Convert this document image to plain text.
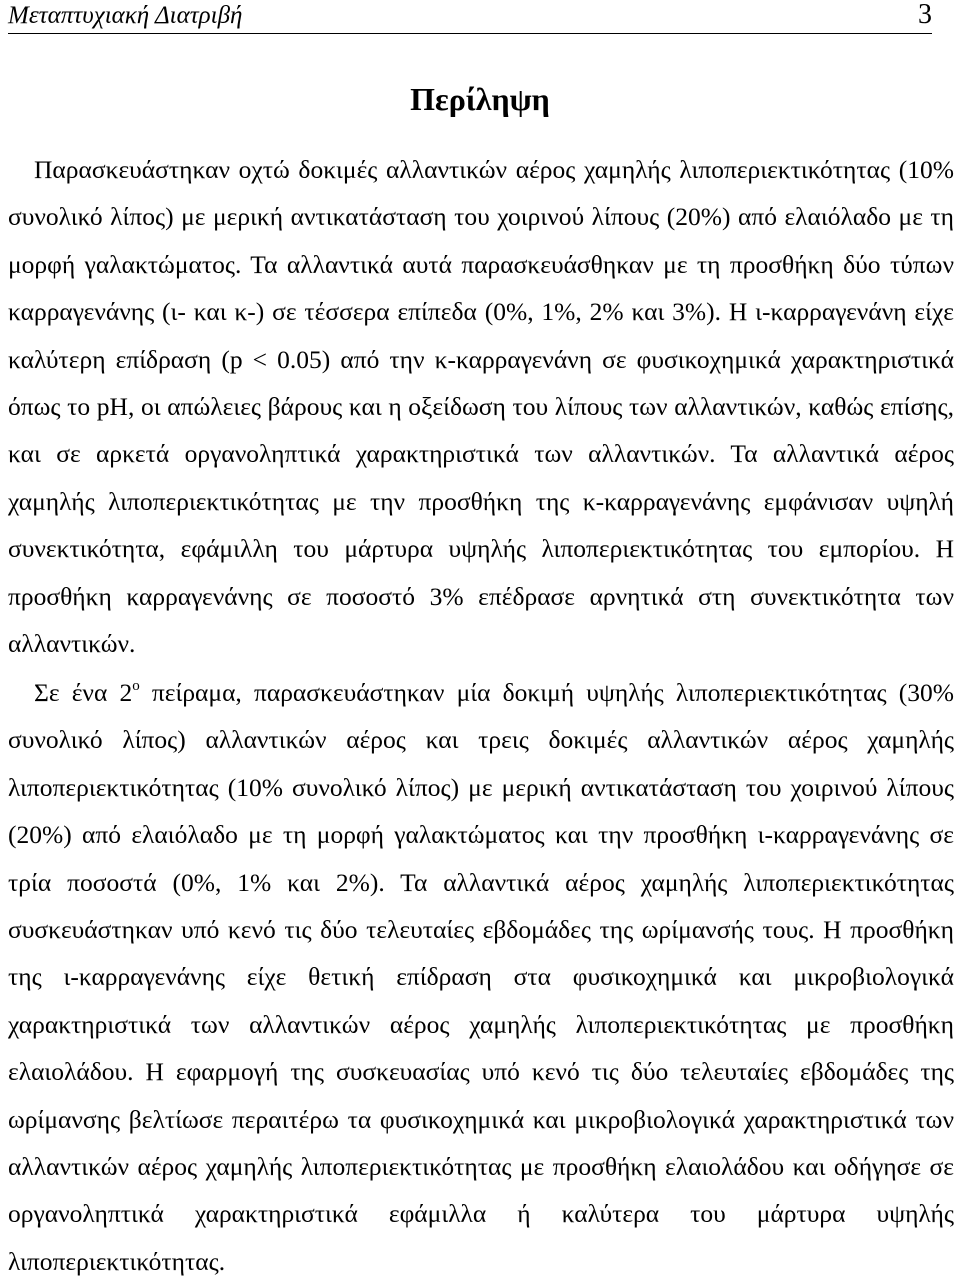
Μεταπτυχιακή Διατριβή	3
Περίληψη

Παρασκευάστηκαν οχτώ δοκιμές αλλαντικών αέρος χαμηλής λιποπεριεκτικότητας (10% συνολικό λίπος) με μερική αντικατάσταση του χοιρινού λίπους (20%) από ελαιόλαδο με τη μορφή γαλακτώματος. Τα αλλαντικά αυτά παρασκευάσθηκαν με τη προσθήκη δύο τύπων καρραγενάνης (ι- και κ-) σε τέσσερα επίπεδα (0%, 1%, 2% και 3%). Η ι-καρραγενάνη είχε καλύτερη επίδραση (p < 0.05) από την κ-καρραγενάνη σε φυσικοχημικά χαρακτηριστικά όπως το pH, οι απώλειες βάρους και η οξείδωση του λίπους των αλλαντικών, καθώς επίσης, και σε αρκετά οργανοληπτικά χαρακτηριστικά των αλλαντικών. Τα αλλαντικά αέρος χαμηλής λιποπεριεκτικότητας με την προσθήκη της κ-καρραγενάνης εμφάνισαν υψηλή συνεκτικότητα, εφάμιλλη του μάρτυρα υψηλής λιποπεριεκτικότητας του εμπορίου. Η προσθήκη καρραγενάνης σε ποσοστό 3% επέδρασε αρνητικά στη συνεκτικότητα των αλλαντικών.

Σε ένα $2^o$ πείραμα, παρασκευάστηκαν μία δοκιμή υψηλής λιποπεριεκτικότητας (30% συνολικό λίπος) αλλαντικών αέρος και τρεις δοκιμές αλλαντικών αέρος χαμηλής λιποπεριεκτικότητας (10% συνολικό λίπος) με μερική αντικατάσταση του χοιρινού λίπους (20%) από ελαιόλαδο με τη μορφή γαλακτώματος και την προσθήκη ι-καρραγενάνης σε τρία ποσοστά (0%, 1% και 2%). Τα αλλαντικά αέρος χαμηλής λιποπεριεκτικότητας συσκευάστηκαν υπό κενό τις δύο τελευταίες εβδομάδες της ωρίμανσής τους. Η προσθήκη της ι-καρραγενάνης είχε θετική επίδραση στα φυσικοχημικά και μικροβιολογικά χαρακτηριστικά των αλλαντικών αέρος χαμηλής λιποπεριεκτικότητας με προσθήκη ελαιολάδου. Η εφαρμογή της συσκευασίας υπό κενό τις δύο τελευταίες εβδομάδες της ωρίμανσης βελτίωσε περαιτέρω τα φυσικοχημικά και μικροβιολογικά χαρακτηριστικά των αλλαντικών αέρος χαμηλής λιποπεριεκτικότητας με προσθήκη ελαιολάδου και οδήγησε σε οργανοληπτικά χαρακτηριστικά εφάμιλλα ή καλύτερα του μάρτυρα υψηλής λιποπεριεκτικότητας.
